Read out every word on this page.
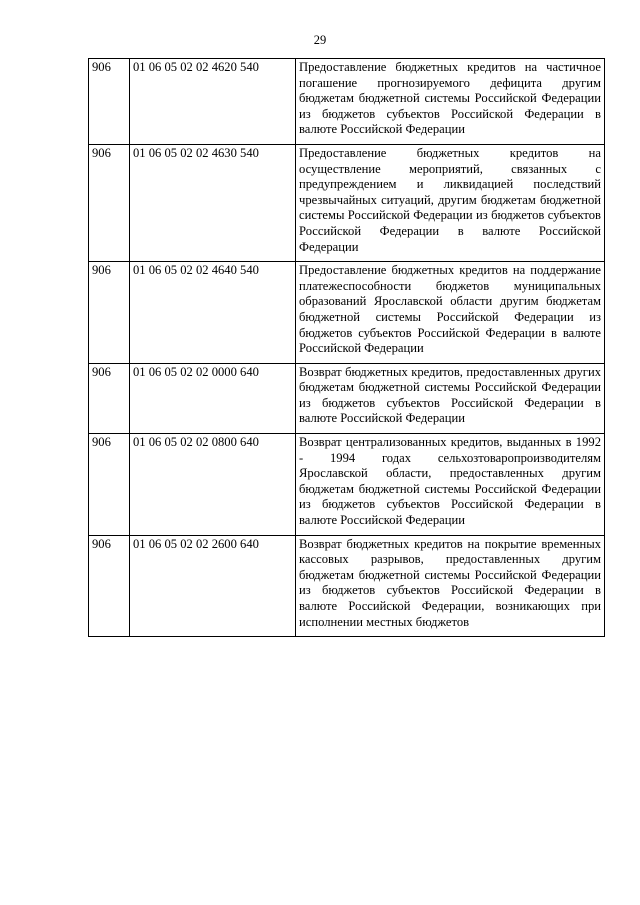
29
906	01 06 05 02 02 4620 540	Предоставление бюджетных кредитов на частичное погашение прогнозируемого дефицита другим бюджетам бюджетной системы Российской Федерации из бюджетов субъектов Российской Федерации в валюте Российской Федерации
906	01 06 05 02 02 4630 540	Предоставление бюджетных кредитов на осуществление мероприятий, связанных с предупреждением и ликвидацией последствий чрезвычайных ситуаций, другим бюджетам бюджетной системы Российской Федерации из бюджетов субъектов Российской Федерации в валюте Российской Федерации
906	01 06 05 02 02 4640 540	Предоставление бюджетных кредитов на поддержание платежеспособности бюджетов муниципальных образований Ярославской области другим бюджетам бюджетной системы Российской Федерации из бюджетов субъектов Российской Федерации в валюте Российской Федерации
906	01 06 05 02 02 0000 640	Возврат бюджетных кредитов, предоставленных других бюджетам бюджетной системы Российской Федерации из бюджетов субъектов Российской Федерации в валюте Российской Федерации
906	01 06 05 02 02 0800 640	Возврат централизованных кредитов, выданных в 1992 - 1994 годах сельхозтоваропроизводителям Ярославской области, предоставленных другим бюджетам бюджетной системы Российской Федерации из бюджетов субъектов Российской Федерации в валюте Российской Федерации
906	01 06 05 02 02 2600 640	Возврат бюджетных кредитов на покрытие временных кассовых разрывов, предоставленных другим бюджетам бюджетной системы Российской Федерации из бюджетов субъектов Российской Федерации в валюте Российской Федерации, возникающих при исполнении местных бюджетов
